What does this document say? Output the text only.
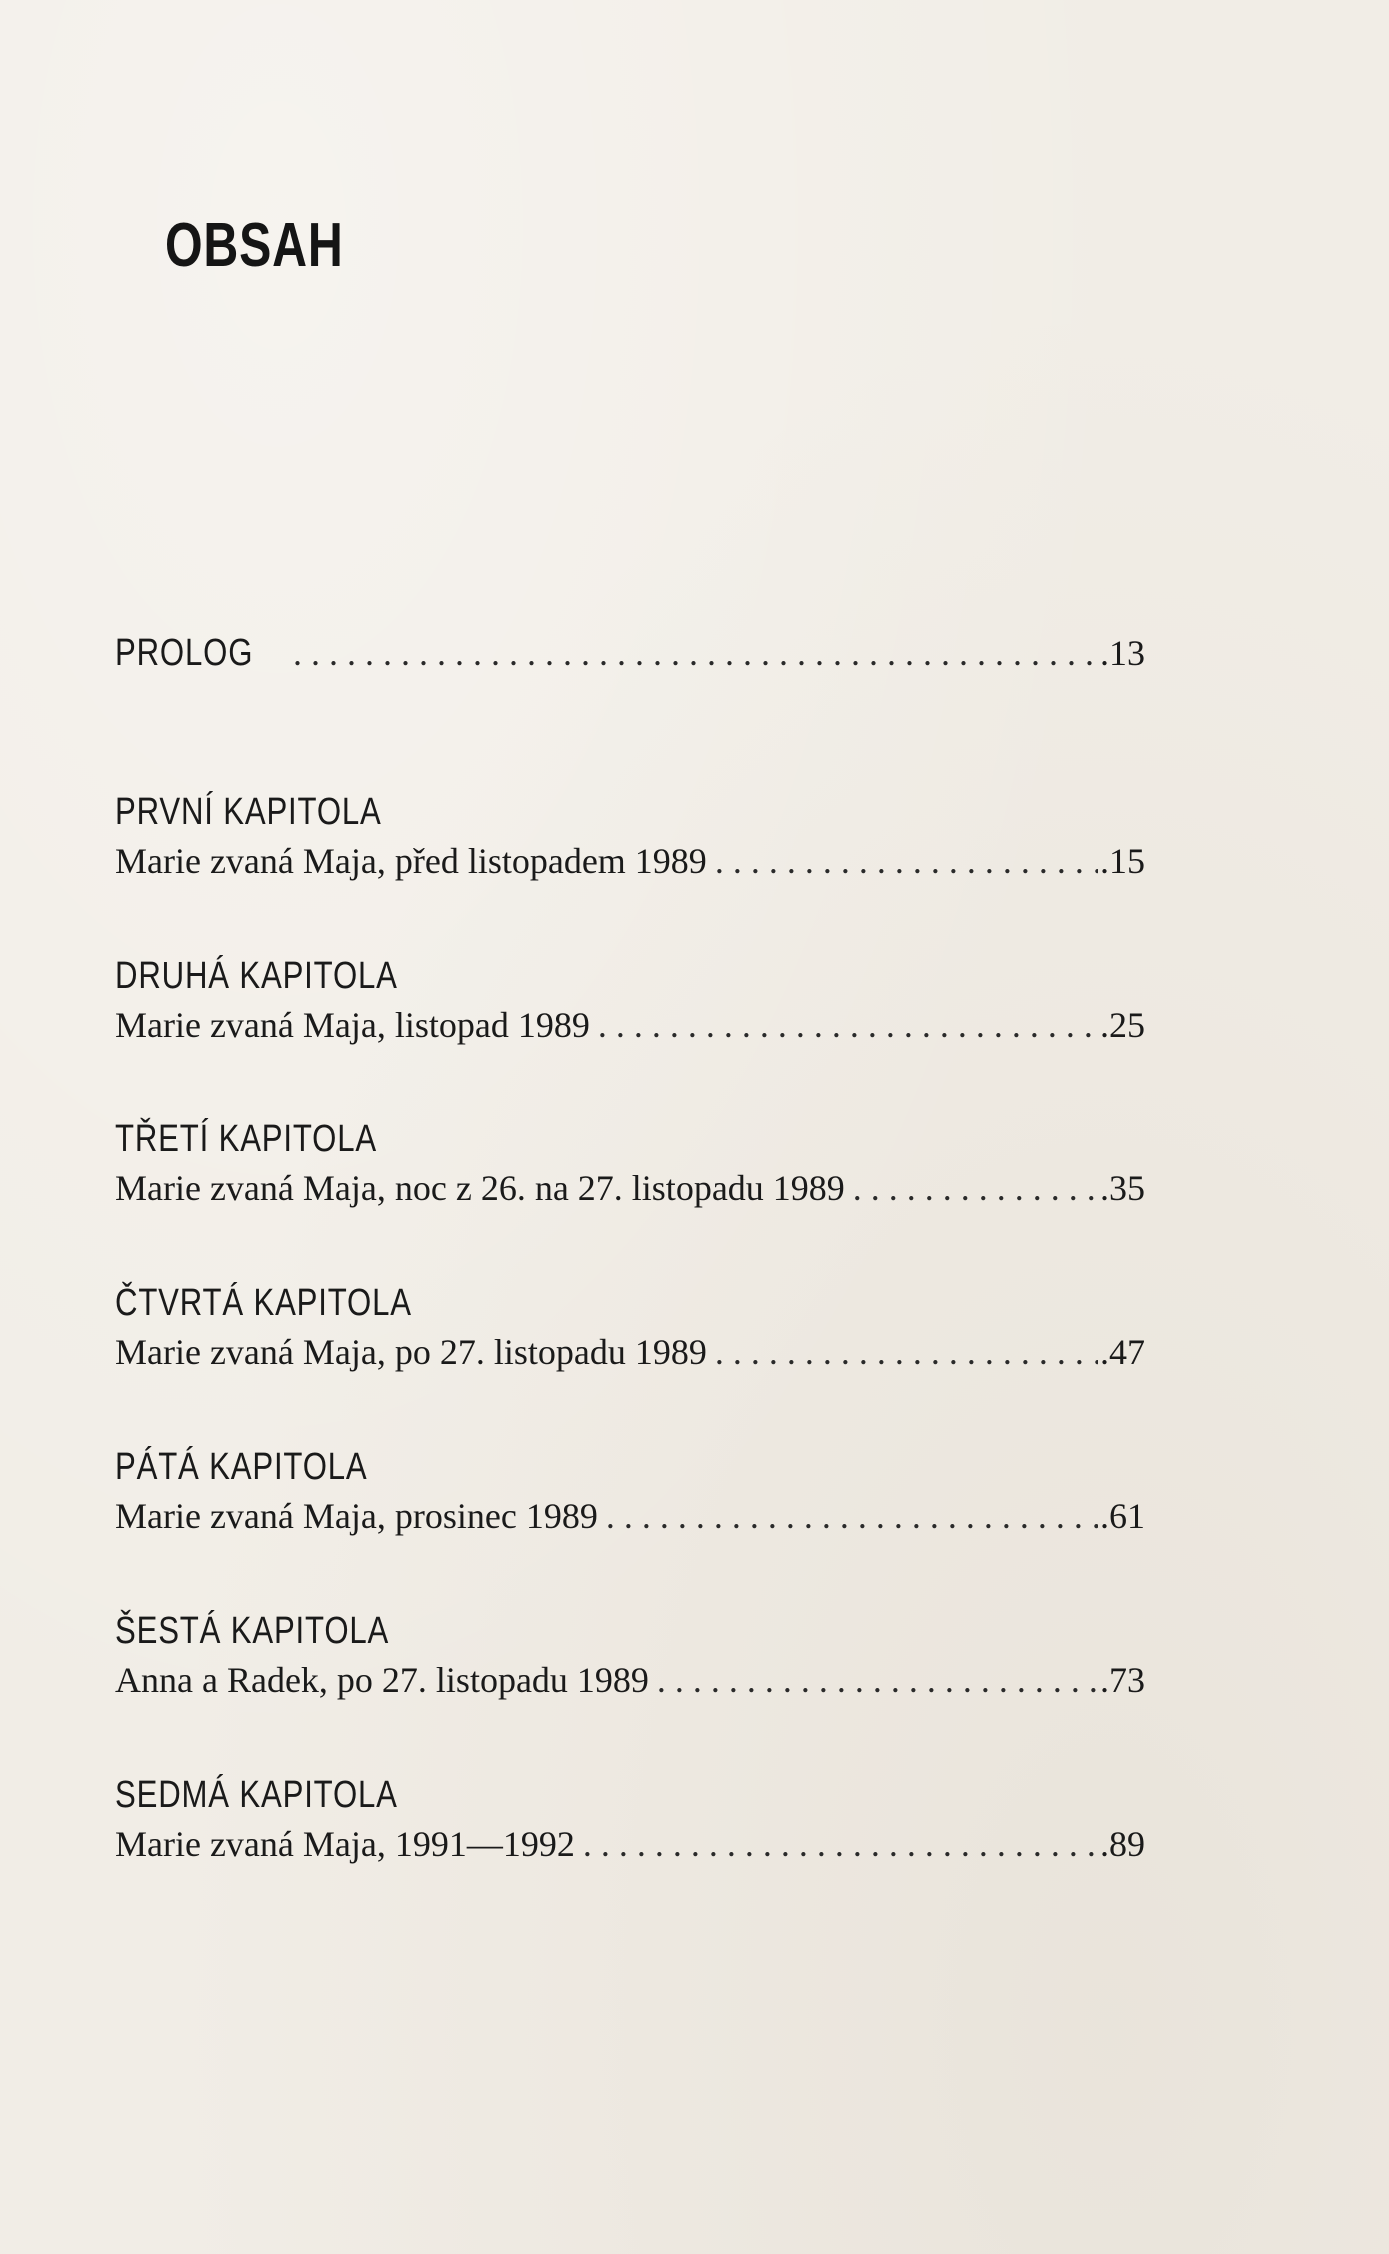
OBSAH
PROLOG . . .	.13
PRVNÍ KAPITOLA
Marie zvaná Maja, před listopadem 1989 . . .	.15
DRUHÁ KAPITOLA
Marie zvaná Maja, listopad 1989 . . .	.25
TŘETÍ KAPITOLA
Marie zvaná Maja, noc z 26. na 27. listopadu 1989 . . .	.35
ČTVRTÁ KAPITOLA
Marie zvaná Maja, po 27. listopadu 1989 . . .	.47
PÁTÁ KAPITOLA
Marie zvaná Maja, prosinec 1989 . . .	.61
ŠESTÁ KAPITOLA
Anna a Radek, po 27. listopadu 1989 . . .	.73
SEDMÁ KAPITOLA
Marie zvaná Maja, 1991—1992 . . .	.89
